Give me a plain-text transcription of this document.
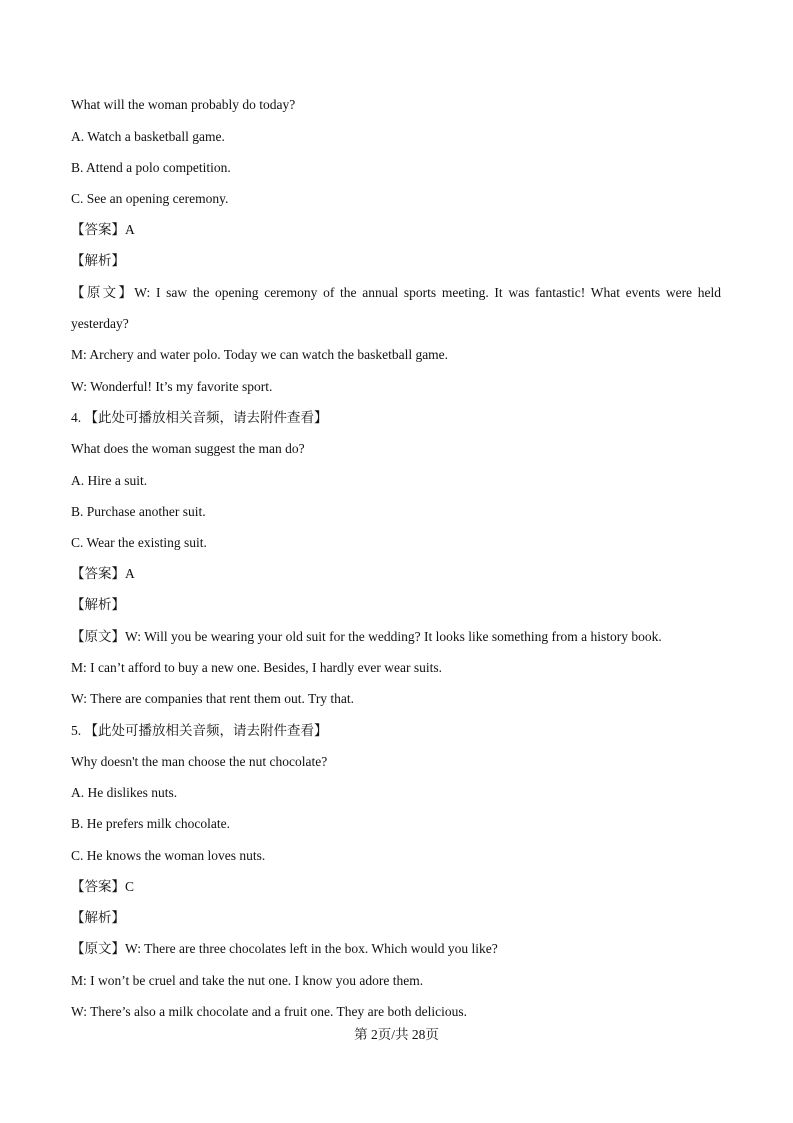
What will the woman probably do today?
A. Watch a basketball game.
B. Attend a polo competition.
C. See an opening ceremony.
【答案】A
【解析】
【原文】W: I saw the opening ceremony of the annual sports meeting. It was fantastic! What events were held
yesterday?
M: Archery and water polo. Today we can watch the basketball game.
W: Wonderful! It’s my favorite sport.
4. 【此处可播放相关音频，请去附件查看】
What does the woman suggest the man do?
A. Hire a suit.
B. Purchase another suit.
C. Wear the existing suit.
【答案】A
【解析】
【原文】W: Will you be wearing your old suit for the wedding? It looks like something from a history book.
M: I can’t afford to buy a new one. Besides, I hardly ever wear suits.
W: There are companies that rent them out. Try that.
5. 【此处可播放相关音频，请去附件查看】
Why doesn't the man choose the nut chocolate?
A. He dislikes nuts.
B. He prefers milk chocolate.
C. He knows the woman loves nuts.
【答案】C
【解析】
【原文】W: There are three chocolates left in the box. Which would you like?
M: I won’t be cruel and take the nut one. I know you adore them.
W: There’s also a milk chocolate and a fruit one. They are both delicious.
第 2页/共 28页
